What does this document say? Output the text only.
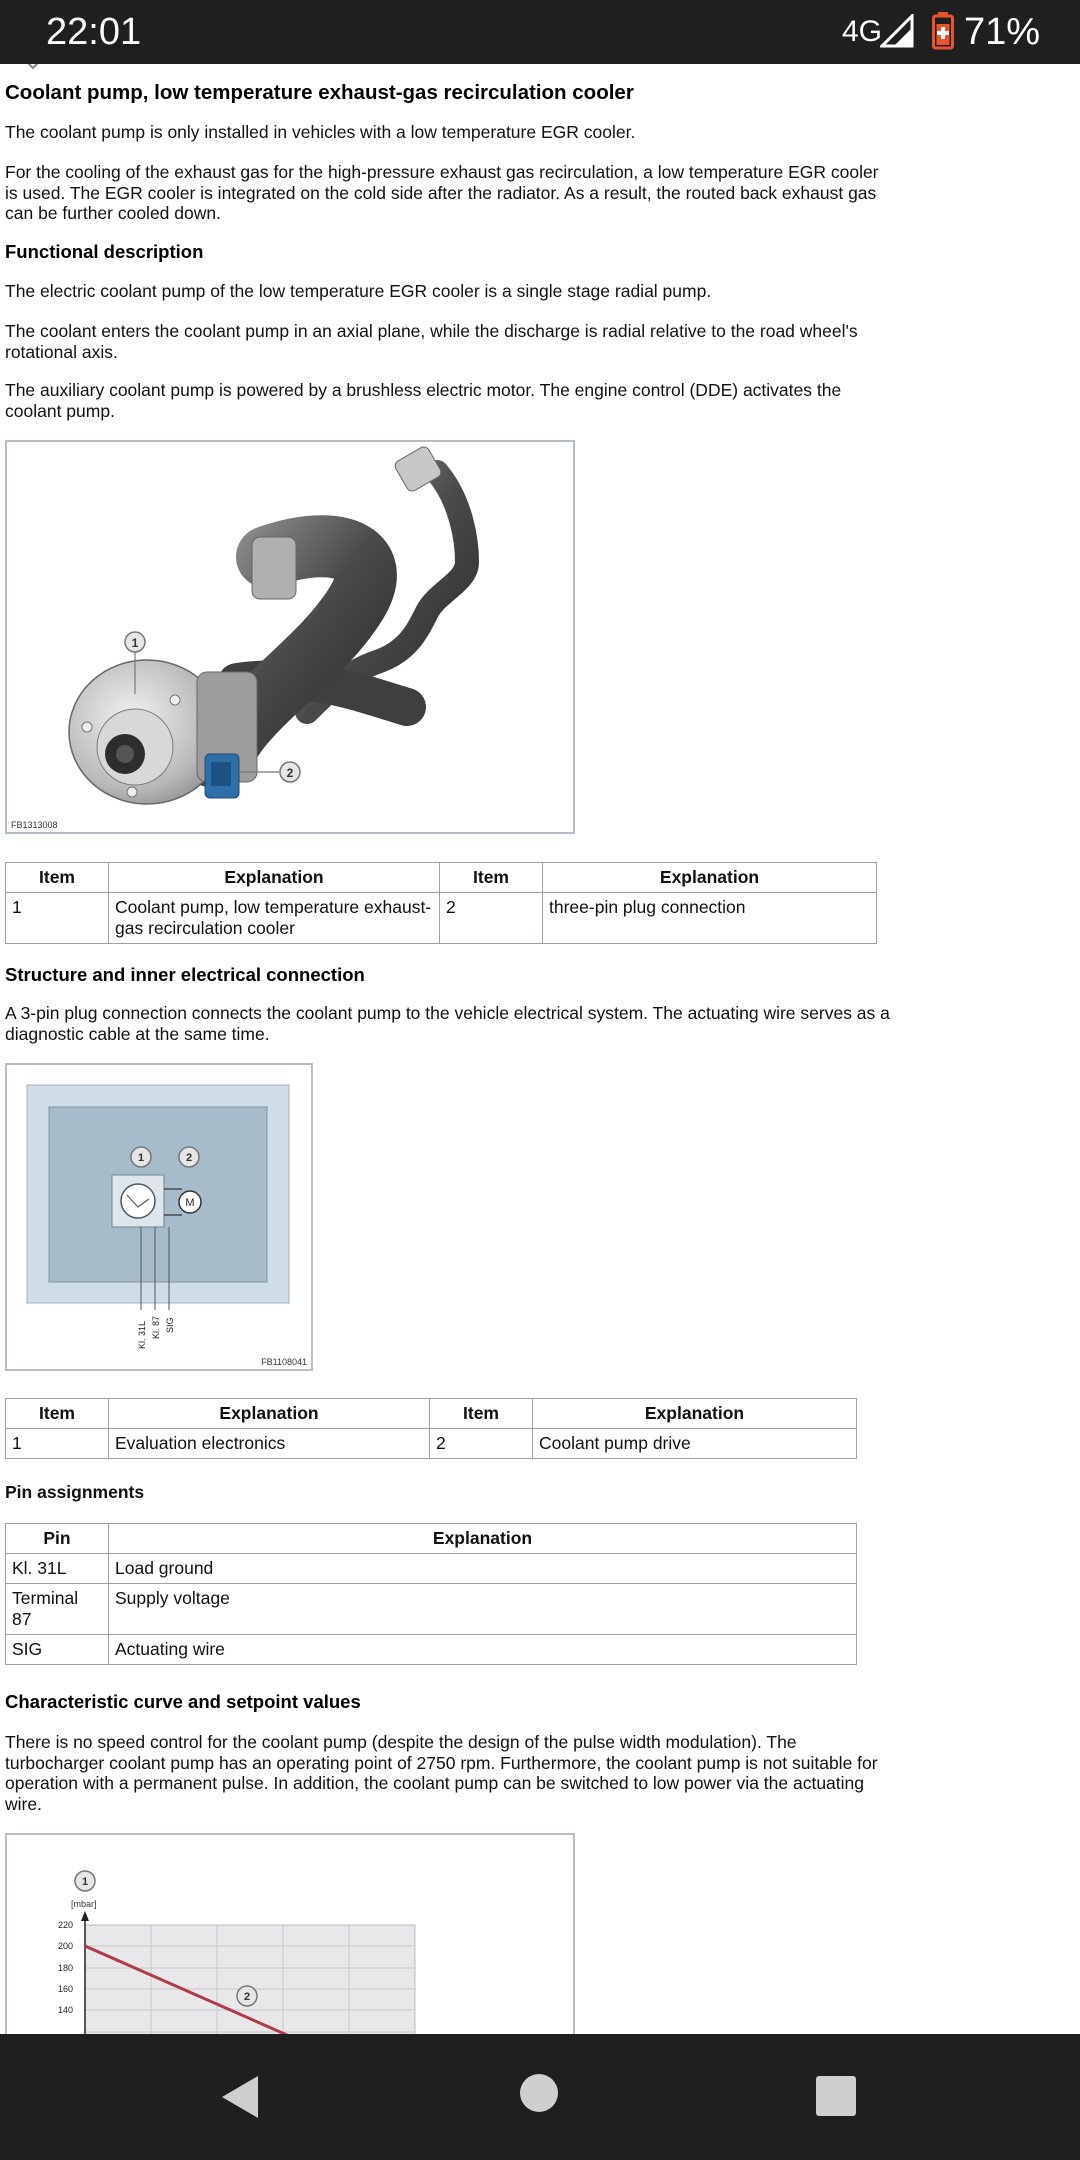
22:01	4G 71%
Coolant pump, low temperature exhaust-gas recirculation cooler

The coolant pump is only installed in vehicles with a low temperature EGR cooler.

For the cooling of the exhaust gas for the high-pressure exhaust gas recirculation, a low temperature EGR cooler is used. The EGR cooler is integrated on the cold side after the radiator. As a result, the routed back exhaust gas can be further cooled down.

Functional description

The electric coolant pump of the low temperature EGR cooler is a single stage radial pump.

The coolant enters the coolant pump in an axial plane, while the discharge is radial relative to the road wheel's rotational axis.

The auxiliary coolant pump is powered by a brushless electric motor. The engine control (DDE) activates the coolant pump.

1
2
FB1313008
Item	Explanation	Item	Explanation
1	Coolant pump, low temperature exhaust-gas recirculation cooler	2	three-pin plug connection
Structure and inner electrical connection

A 3-pin plug connection connects the coolant pump to the vehicle electrical system. The actuating wire serves as a diagnostic cable at the same time.

M
1	2
Kl. 31L Kl. 87 SIG
FB1108041
Item	Explanation	Item	Explanation
1	Evaluation electronics	2	Coolant pump drive
Pin assignments
Pin	Explanation
Kl. 31L	Load ground
Terminal 87	Supply voltage
SIG	Actuating wire
Characteristic curve and setpoint values

There is no speed control for the coolant pump (despite the design of the pulse width modulation). The turbocharger coolant pump has an operating point of 2750 rpm. Furthermore, the coolant pump is not suitable for operation with a permanent pulse. In addition, the coolant pump can be switched to low power via the actuating wire.

1
[mbar]
220
200
180
160
140
2
